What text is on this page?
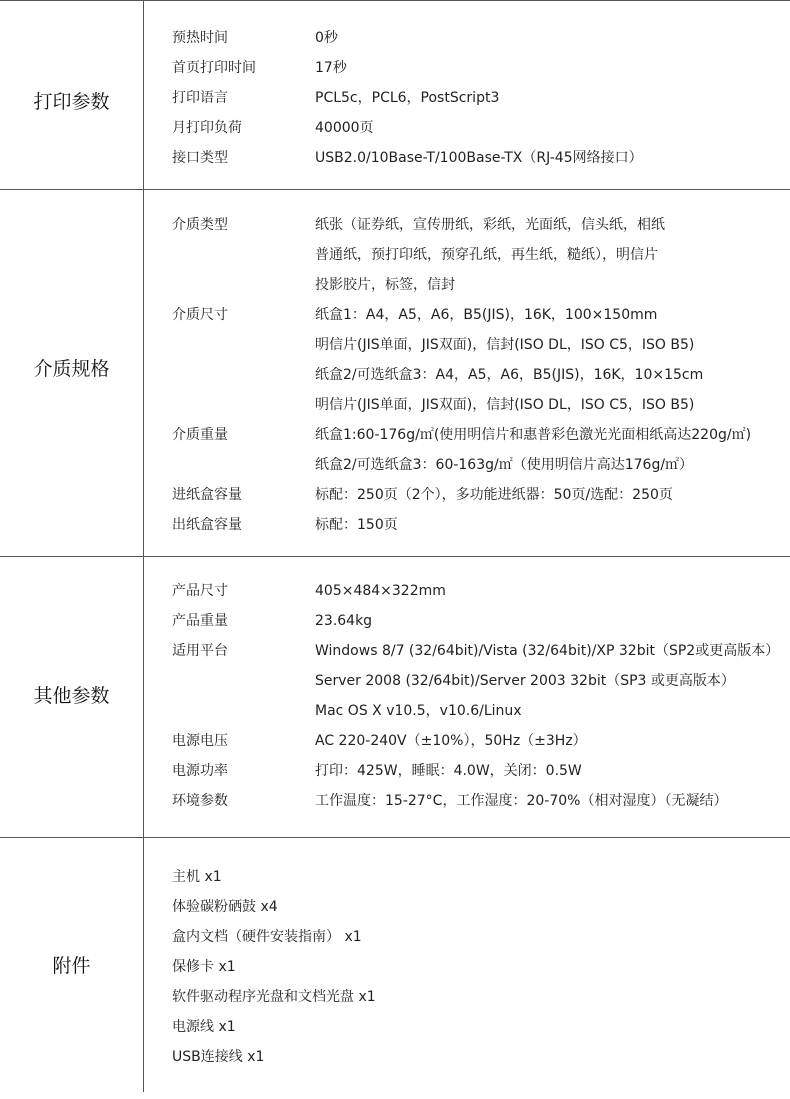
打印参数
预热时间	0秒
首页打印时间	17秒
打印语言	PCL5c，PCL6，PostScript3
月打印负荷	40000页
接口类型	USB2.0/10Base-T/100Base-TX（RJ-45网络接口）
介质规格
介质类型	纸张（证券纸，宣传册纸，彩纸，光面纸，信头纸，相纸
普通纸，预打印纸，预穿孔纸，再生纸，糙纸），明信片
投影胶片，标签，信封
介质尺寸	纸盒1：A4，A5，A6，B5(JIS)，16K，100×150mm
明信片(JIS单面，JIS双面)，信封(ISO DL，ISO C5，ISO B5)
纸盒2/可选纸盒3：A4，A5，A6，B5(JIS)，16K，10×15cm
明信片(JIS单面，JIS双面)，信封(ISO DL，ISO C5，ISO B5)
介质重量	纸盒1:60-176g/㎡(使用明信片和惠普彩色激光光面相纸高达220g/㎡)
纸盒2/可选纸盒3：60-163g/㎡（使用明信片高达176g/㎡）
进纸盒容量	标配：250页（2个），多功能进纸器：50页/选配：250页
出纸盒容量	标配：150页
其他参数
产品尺寸	405×484×322mm
产品重量	23.64kg
适用平台	Windows 8/7 (32/64bit)/Vista (32/64bit)/XP 32bit（SP2或更高版本）
Server 2008 (32/64bit)/Server 2003 32bit（SP3 或更高版本）
Mac OS X v10.5，v10.6/Linux
电源电压	AC 220-240V（±10%），50Hz（±3Hz）
电源功率	打印：425W，睡眠：4.0W，关闭：0.5W
环境参数	工作温度：15-27°C，工作湿度：20-70%（相对湿度）（无凝结）
附件
主机 x1
体验碳粉硒鼓 x4
盒内文档（硬件安装指南） x1
保修卡 x1
软件驱动程序光盘和文档光盘 x1
电源线 x1
USB连接线 x1
